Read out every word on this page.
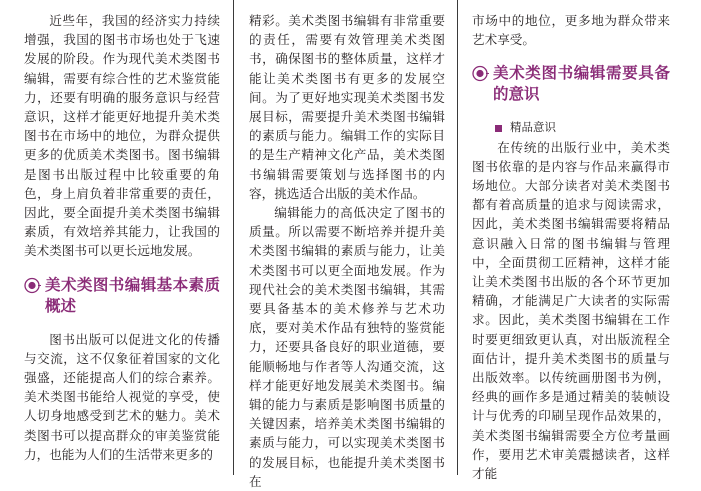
近些年，我国的经济实力持续增强，我国的图书市场也处于飞速发展的阶段。作为现代美术类图书编辑，需要有综合性的艺术鉴赏能力，还要有明确的服务意识与经营意识，这样才能更好地提升美术类图书在市场中的地位，为群众提供更多的优质美术类图书。图书编辑是图书出版过程中比较重要的角色，身上肩负着非常重要的责任，因此，要全面提升美术类图书编辑素质，有效培养其能力，让我国的美术类图书可以更长远地发展。

美术类图书编辑基本素质概述

图书出版可以促进文化的传播与交流，这不仅象征着国家的文化强盛，还能提高人们的综合素养。美术类图书能给人视觉的享受，使人切身地感受到艺术的魅力。美术类图书可以提高群众的审美鉴赏能力，也能为人们的生活带来更多的

精彩。美术类图书编辑有非常重要的责任，需要有效管理美术类图书，确保图书的整体质量，这样才能让美术类图书有更多的发展空间。为了更好地实现美术类图书发展目标，需要提升美术类图书编辑的素质与能力。编辑工作的实际目的是生产精神文化产品，美术类图书编辑需要策划与选择图书的内容，挑选适合出版的美术作品。

编辑能力的高低决定了图书的质量。所以需要不断培养并提升美术类图书编辑的素质与能力，让美术类图书可以更全面地发展。作为现代社会的美术类图书编辑，其需要具备基本的美术修养与艺术功底，要对美术作品有独特的鉴赏能力，还要具备良好的职业道德，要能顺畅地与作者等人沟通交流，这样才能更好地发展美术类图书。编辑的能力与素质是影响图书质量的关键因素，培养美术类图书编辑的素质与能力，可以实现美术类图书的发展目标，也能提升美术类图书在

市场中的地位，更多地为群众带来艺术享受。

美术类图书编辑需要具备的意识
精品意识

在传统的出版行业中，美术类图书依靠的是内容与作品来赢得市场地位。大部分读者对美术类图书都有着高质量的追求与阅读需求，因此，美术类图书编辑需要将精品意识融入日常的图书编辑与管理中，全面贯彻工匠精神，这样才能让美术类图书出版的各个环节更加精确，才能满足广大读者的实际需求。因此，美术类图书编辑在工作时要更细致更认真，对出版流程全面估计，提升美术类图书的质量与出版效率。以传统画册图书为例，经典的画作多是通过精美的装帧设计与优秀的印刷呈现作品效果的，美术类图书编辑需要全方位考量画作，要用艺术审美震撼读者，这样才能
